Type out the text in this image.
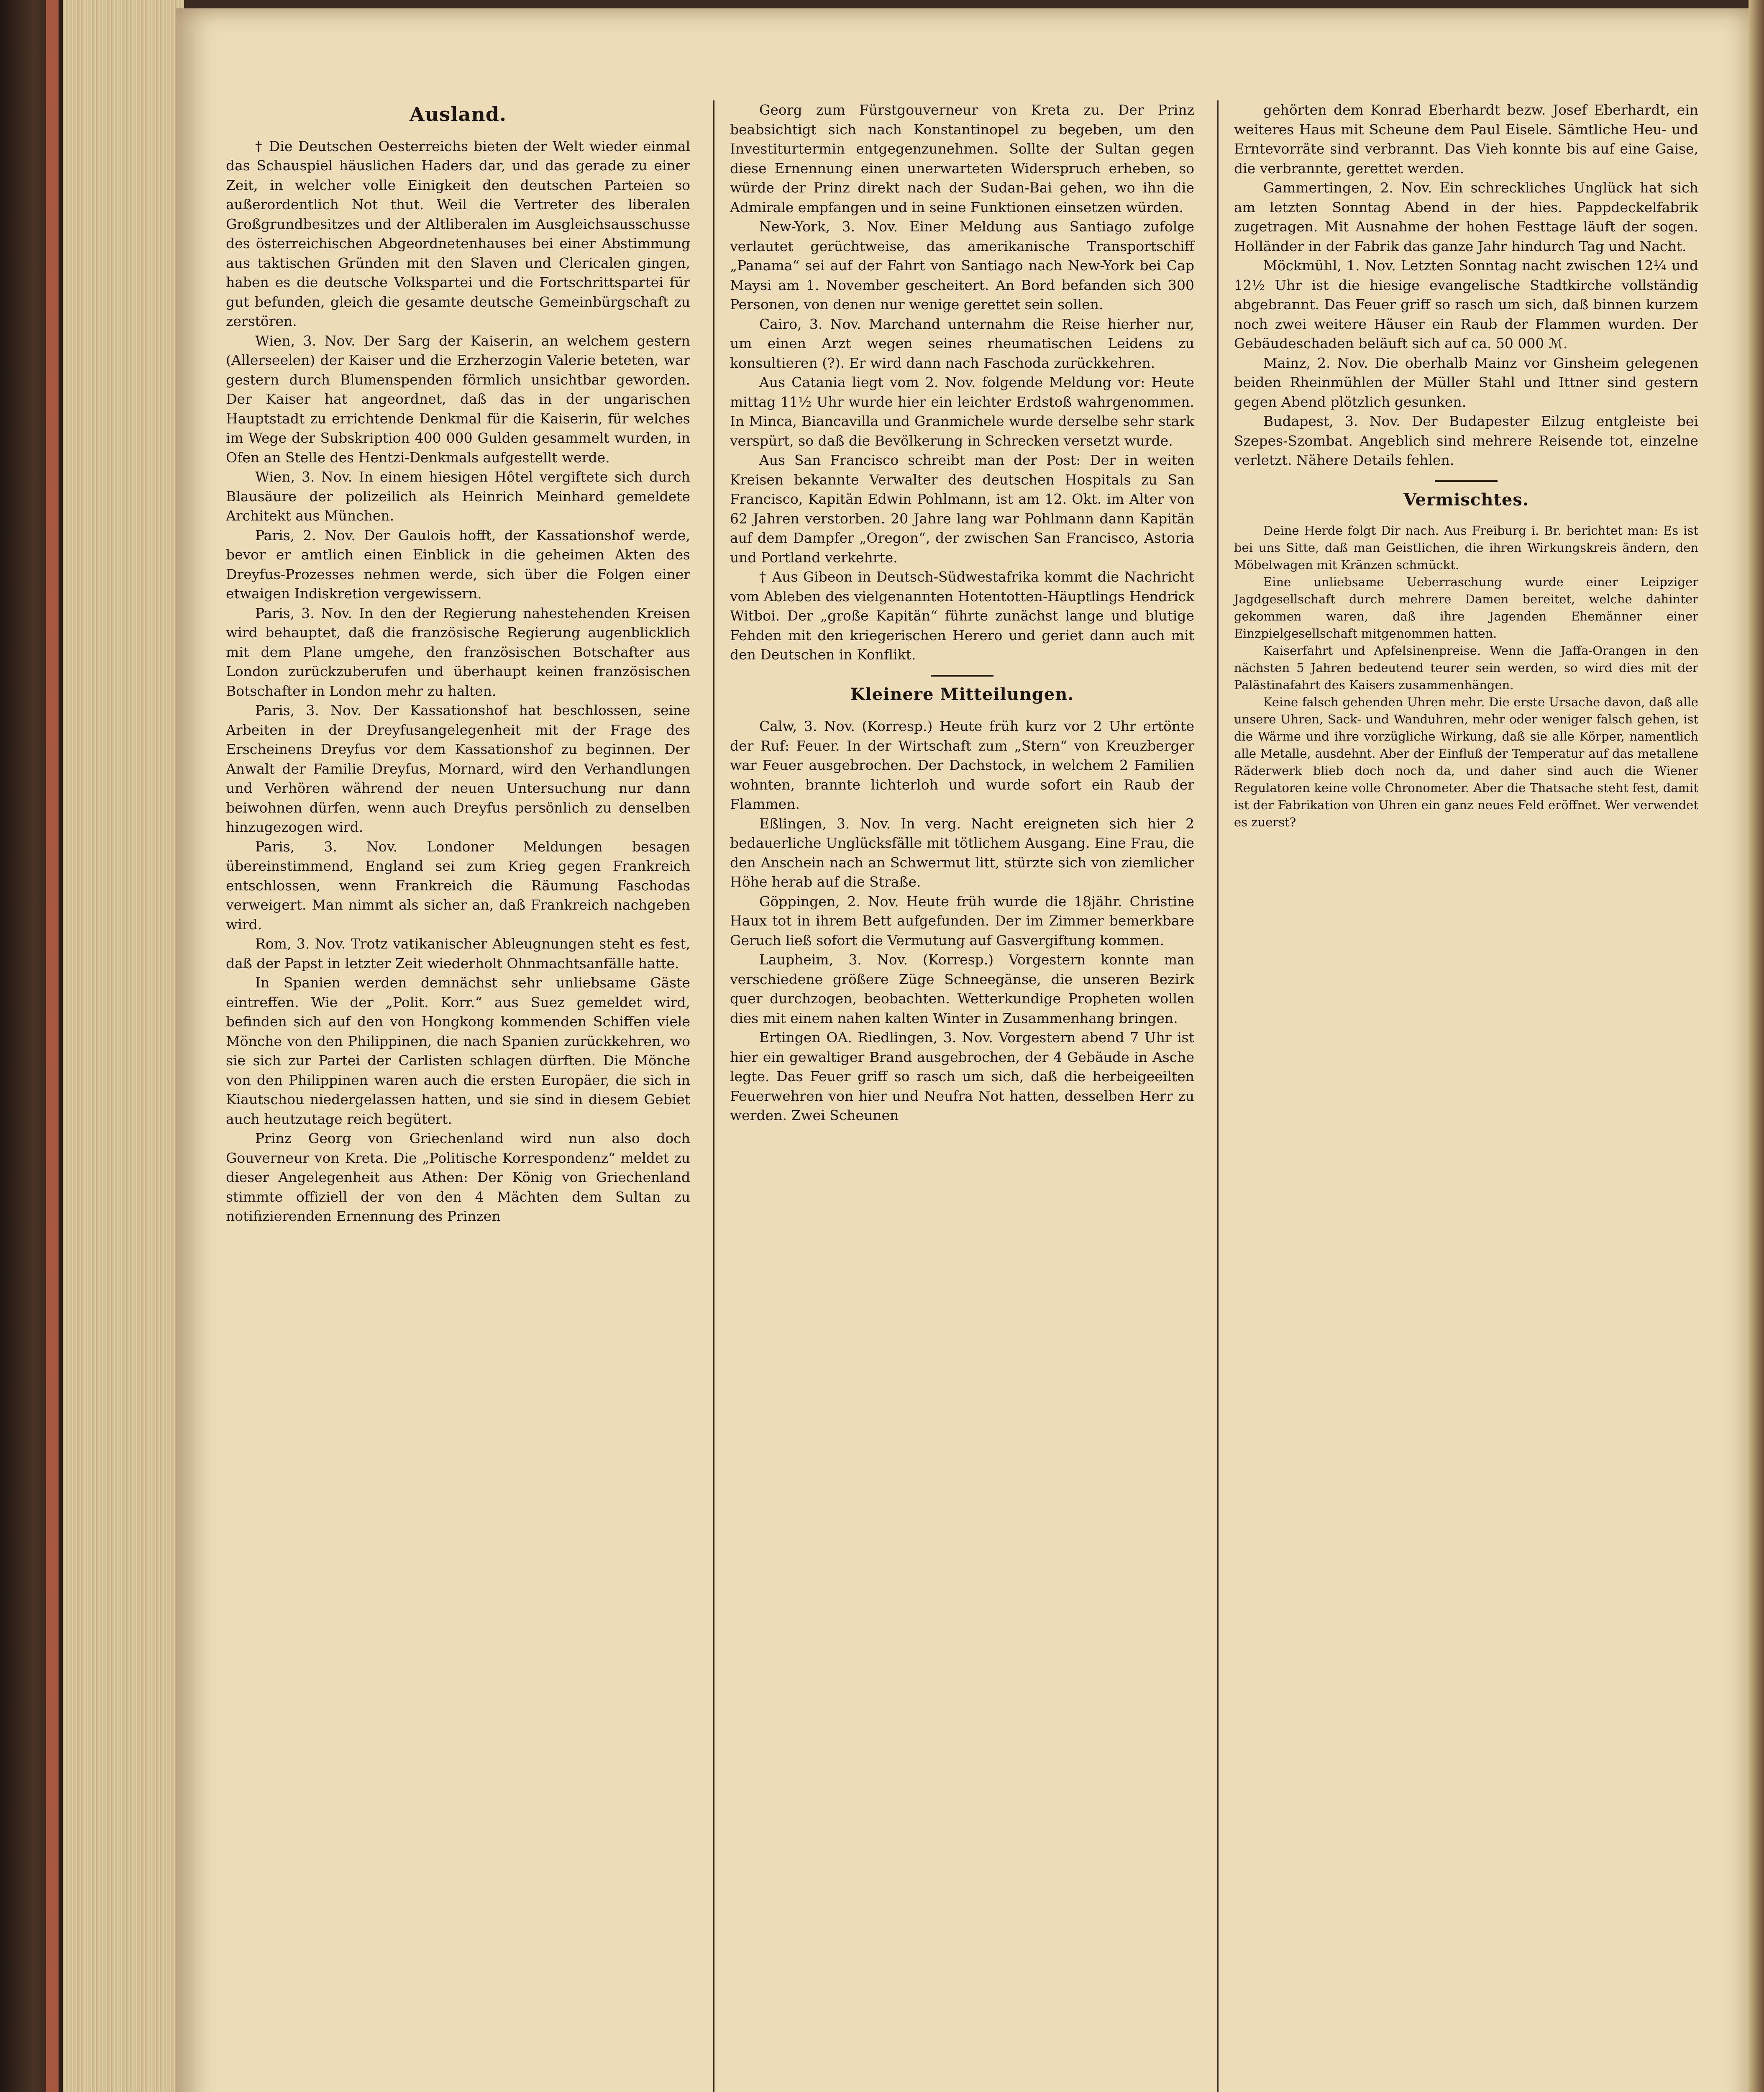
Ausland.

† Die Deutschen Oesterreichs bieten der Welt wieder einmal das Schauspiel häuslichen Haders dar, und das gerade zu einer Zeit, in welcher volle Einigkeit den deutschen Parteien so außerordentlich Not thut. Weil die Vertreter des liberalen Großgrundbesitzes und der Altliberalen im Ausgleichsausschusse des österreichischen Abgeordnetenhauses bei einer Abstimmung aus taktischen Gründen mit den Slaven und Clericalen gingen, haben es die deutsche Volkspartei und die Fortschrittspartei für gut befunden, gleich die gesamte deutsche Gemeinbürgschaft zu zerstören.

Wien, 3. Nov. Der Sarg der Kaiserin, an welchem gestern (Allerseelen) der Kaiser und die Erzherzogin Valerie beteten, war gestern durch Blumenspenden förmlich unsichtbar geworden. Der Kaiser hat angeordnet, daß das in der ungarischen Hauptstadt zu errichtende Denkmal für die Kaiserin, für welches im Wege der Subskription 400 000 Gulden gesammelt wurden, in Ofen an Stelle des Hentzi-Denkmals aufgestellt werde.

Wien, 3. Nov. In einem hiesigen Hôtel vergiftete sich durch Blausäure der polizeilich als Heinrich Meinhard gemeldete Architekt aus München.

Paris, 2. Nov. Der Gaulois hofft, der Kassationshof werde, bevor er amtlich einen Einblick in die geheimen Akten des Dreyfus-Prozesses nehmen werde, sich über die Folgen einer etwaigen Indiskretion vergewissern.

Paris, 3. Nov. In den der Regierung nahestehenden Kreisen wird behauptet, daß die französische Regierung augenblicklich mit dem Plane umgehe, den französischen Botschafter aus London zurückzuberufen und überhaupt keinen französischen Botschafter in London mehr zu halten.

Paris, 3. Nov. Der Kassationshof hat beschlossen, seine Arbeiten in der Dreyfusangelegenheit mit der Frage des Erscheinens Dreyfus vor dem Kassationshof zu beginnen. Der Anwalt der Familie Dreyfus, Mornard, wird den Verhandlungen und Verhören während der neuen Untersuchung nur dann beiwohnen dürfen, wenn auch Dreyfus persönlich zu denselben hinzugezogen wird.

Paris, 3. Nov. Londoner Meldungen besagen übereinstimmend, England sei zum Krieg gegen Frankreich entschlossen, wenn Frankreich die Räumung Faschodas verweigert. Man nimmt als sicher an, daß Frankreich nachgeben wird.

Rom, 3. Nov. Trotz vatikanischer Ableugnungen steht es fest, daß der Papst in letzter Zeit wiederholt Ohnmachtsanfälle hatte.

In Spanien werden demnächst sehr unliebsame Gäste eintreffen. Wie der „Polit. Korr.“ aus Suez gemeldet wird, befinden sich auf den von Hongkong kommenden Schiffen viele Mönche von den Philippinen, die nach Spanien zurückkehren, wo sie sich zur Partei der Carlisten schlagen dürften. Die Mönche von den Philippinen waren auch die ersten Europäer, die sich in Kiautschou niedergelassen hatten, und sie sind in diesem Gebiet auch heutzutage reich begütert.

Prinz Georg von Griechenland wird nun also doch Gouverneur von Kreta. Die „Politische Korrespondenz“ meldet zu dieser Angelegenheit aus Athen: Der König von Griechenland stimmte offiziell der von den 4 Mächten dem Sultan zu notifizierenden Ernennung des Prinzen

Georg zum Fürstgouverneur von Kreta zu. Der Prinz beabsichtigt sich nach Konstantinopel zu begeben, um den Investiturtermin entgegenzunehmen. Sollte der Sultan gegen diese Ernennung einen unerwarteten Widerspruch erheben, so würde der Prinz direkt nach der Sudan-Bai gehen, wo ihn die Admirale empfangen und in seine Funktionen einsetzen würden.

New-York, 3. Nov. Einer Meldung aus Santiago zufolge verlautet gerüchtweise, das amerikanische Transportschiff „Panama“ sei auf der Fahrt von Santiago nach New-York bei Cap Maysi am 1. November gescheitert. An Bord befanden sich 300 Personen, von denen nur wenige gerettet sein sollen.

Cairo, 3. Nov. Marchand unternahm die Reise hierher nur, um einen Arzt wegen seines rheumatischen Leidens zu konsultieren (?). Er wird dann nach Faschoda zurückkehren.

Aus Catania liegt vom 2. Nov. folgende Meldung vor: Heute mittag 11½ Uhr wurde hier ein leichter Erdstoß wahrgenommen. In Minca, Biancavilla und Granmichele wurde derselbe sehr stark verspürt, so daß die Bevölkerung in Schrecken versetzt wurde.

Aus San Francisco schreibt man der Post: Der in weiten Kreisen bekannte Verwalter des deutschen Hospitals zu San Francisco, Kapitän Edwin Pohlmann, ist am 12. Okt. im Alter von 62 Jahren verstorben. 20 Jahre lang war Pohlmann dann Kapitän auf dem Dampfer „Oregon“, der zwischen San Francisco, Astoria und Portland verkehrte.

† Aus Gibeon in Deutsch-Südwestafrika kommt die Nachricht vom Ableben des vielgenannten Hotentotten-Häuptlings Hendrick Witboi. Der „große Kapitän“ führte zunächst lange und blutige Fehden mit den kriegerischen Herero und geriet dann auch mit den Deutschen in Konflikt.

Kleinere Mitteilungen.

Calw, 3. Nov. (Korresp.) Heute früh kurz vor 2 Uhr ertönte der Ruf: Feuer. In der Wirtschaft zum „Stern“ von Kreuzberger war Feuer ausgebrochen. Der Dachstock, in welchem 2 Familien wohnten, brannte lichterloh und wurde sofort ein Raub der Flammen.

Eßlingen, 3. Nov. In verg. Nacht ereigneten sich hier 2 bedauerliche Unglücksfälle mit tötlichem Ausgang. Eine Frau, die den Anschein nach an Schwermut litt, stürzte sich von ziemlicher Höhe herab auf die Straße.

Göppingen, 2. Nov. Heute früh wurde die 18jähr. Christine Haux tot in ihrem Bett aufgefunden. Der im Zimmer bemerkbare Geruch ließ sofort die Vermutung auf Gasvergiftung kommen.

Laupheim, 3. Nov. (Korresp.) Vorgestern konnte man verschiedene größere Züge Schneegänse, die unseren Bezirk quer durchzogen, beobachten. Wetterkundige Propheten wollen dies mit einem nahen kalten Winter in Zusammenhang bringen.

Ertingen OA. Riedlingen, 3. Nov. Vorgestern abend 7 Uhr ist hier ein gewaltiger Brand ausgebrochen, der 4 Gebäude in Asche legte. Das Feuer griff so rasch um sich, daß die herbeigeeilten Feuerwehren von hier und Neufra Not hatten, desselben Herr zu werden. Zwei Scheunen

gehörten dem Konrad Eberhardt bezw. Josef Eberhardt, ein weiteres Haus mit Scheune dem Paul Eisele. Sämtliche Heu- und Erntevorräte sind verbrannt. Das Vieh konnte bis auf eine Gaise, die verbrannte, gerettet werden.

Gammertingen, 2. Nov. Ein schreckliches Unglück hat sich am letzten Sonntag Abend in der hies. Pappdeckelfabrik zugetragen. Mit Ausnahme der hohen Festtage läuft der sogen. Holländer in der Fabrik das ganze Jahr hindurch Tag und Nacht.

Möckmühl, 1. Nov. Letzten Sonntag nacht zwischen 12¼ und 12½ Uhr ist die hiesige evangelische Stadtkirche vollständig abgebrannt. Das Feuer griff so rasch um sich, daß binnen kurzem noch zwei weitere Häuser ein Raub der Flammen wurden. Der Gebäudeschaden beläuft sich auf ca. 50 000 ℳ.

Mainz, 2. Nov. Die oberhalb Mainz vor Ginsheim gelegenen beiden Rheinmühlen der Müller Stahl und Ittner sind gestern gegen Abend plötzlich gesunken.

Budapest, 3. Nov. Der Budapester Eilzug entgleiste bei Szepes-Szombat. Angeblich sind mehrere Reisende tot, einzelne verletzt. Nähere Details fehlen.

Vermischtes.

Deine Herde folgt Dir nach. Aus Freiburg i. Br. berichtet man: Es ist bei uns Sitte, daß man Geistlichen, die ihren Wirkungskreis ändern, den Möbelwagen mit Kränzen schmückt.

Eine unliebsame Ueberraschung wurde einer Leipziger Jagdgesellschaft durch mehrere Damen bereitet, welche dahinter gekommen waren, daß ihre Jagenden Ehemänner einer Einzpielgesellschaft mitgenommen hatten.

Kaiserfahrt und Apfelsinenpreise. Wenn die Jaffa-Orangen in den nächsten 5 Jahren bedeutend teurer sein werden, so wird dies mit der Palästinafahrt des Kaisers zusammenhängen.

Keine falsch gehenden Uhren mehr. Die erste Ursache davon, daß alle unsere Uhren, Sack- und Wanduhren, mehr oder weniger falsch gehen, ist die Wärme und ihre vorzügliche Wirkung, daß sie alle Körper, namentlich alle Metalle, ausdehnt. Aber der Einfluß der Temperatur auf das metallene Räderwerk blieb doch noch da, und daher sind auch die Wiener Regulatoren keine volle Chronometer. Aber die Thatsache steht fest, damit ist der Fabrikation von Uhren ein ganz neues Feld eröffnet. Wer verwendet es zuerst?
